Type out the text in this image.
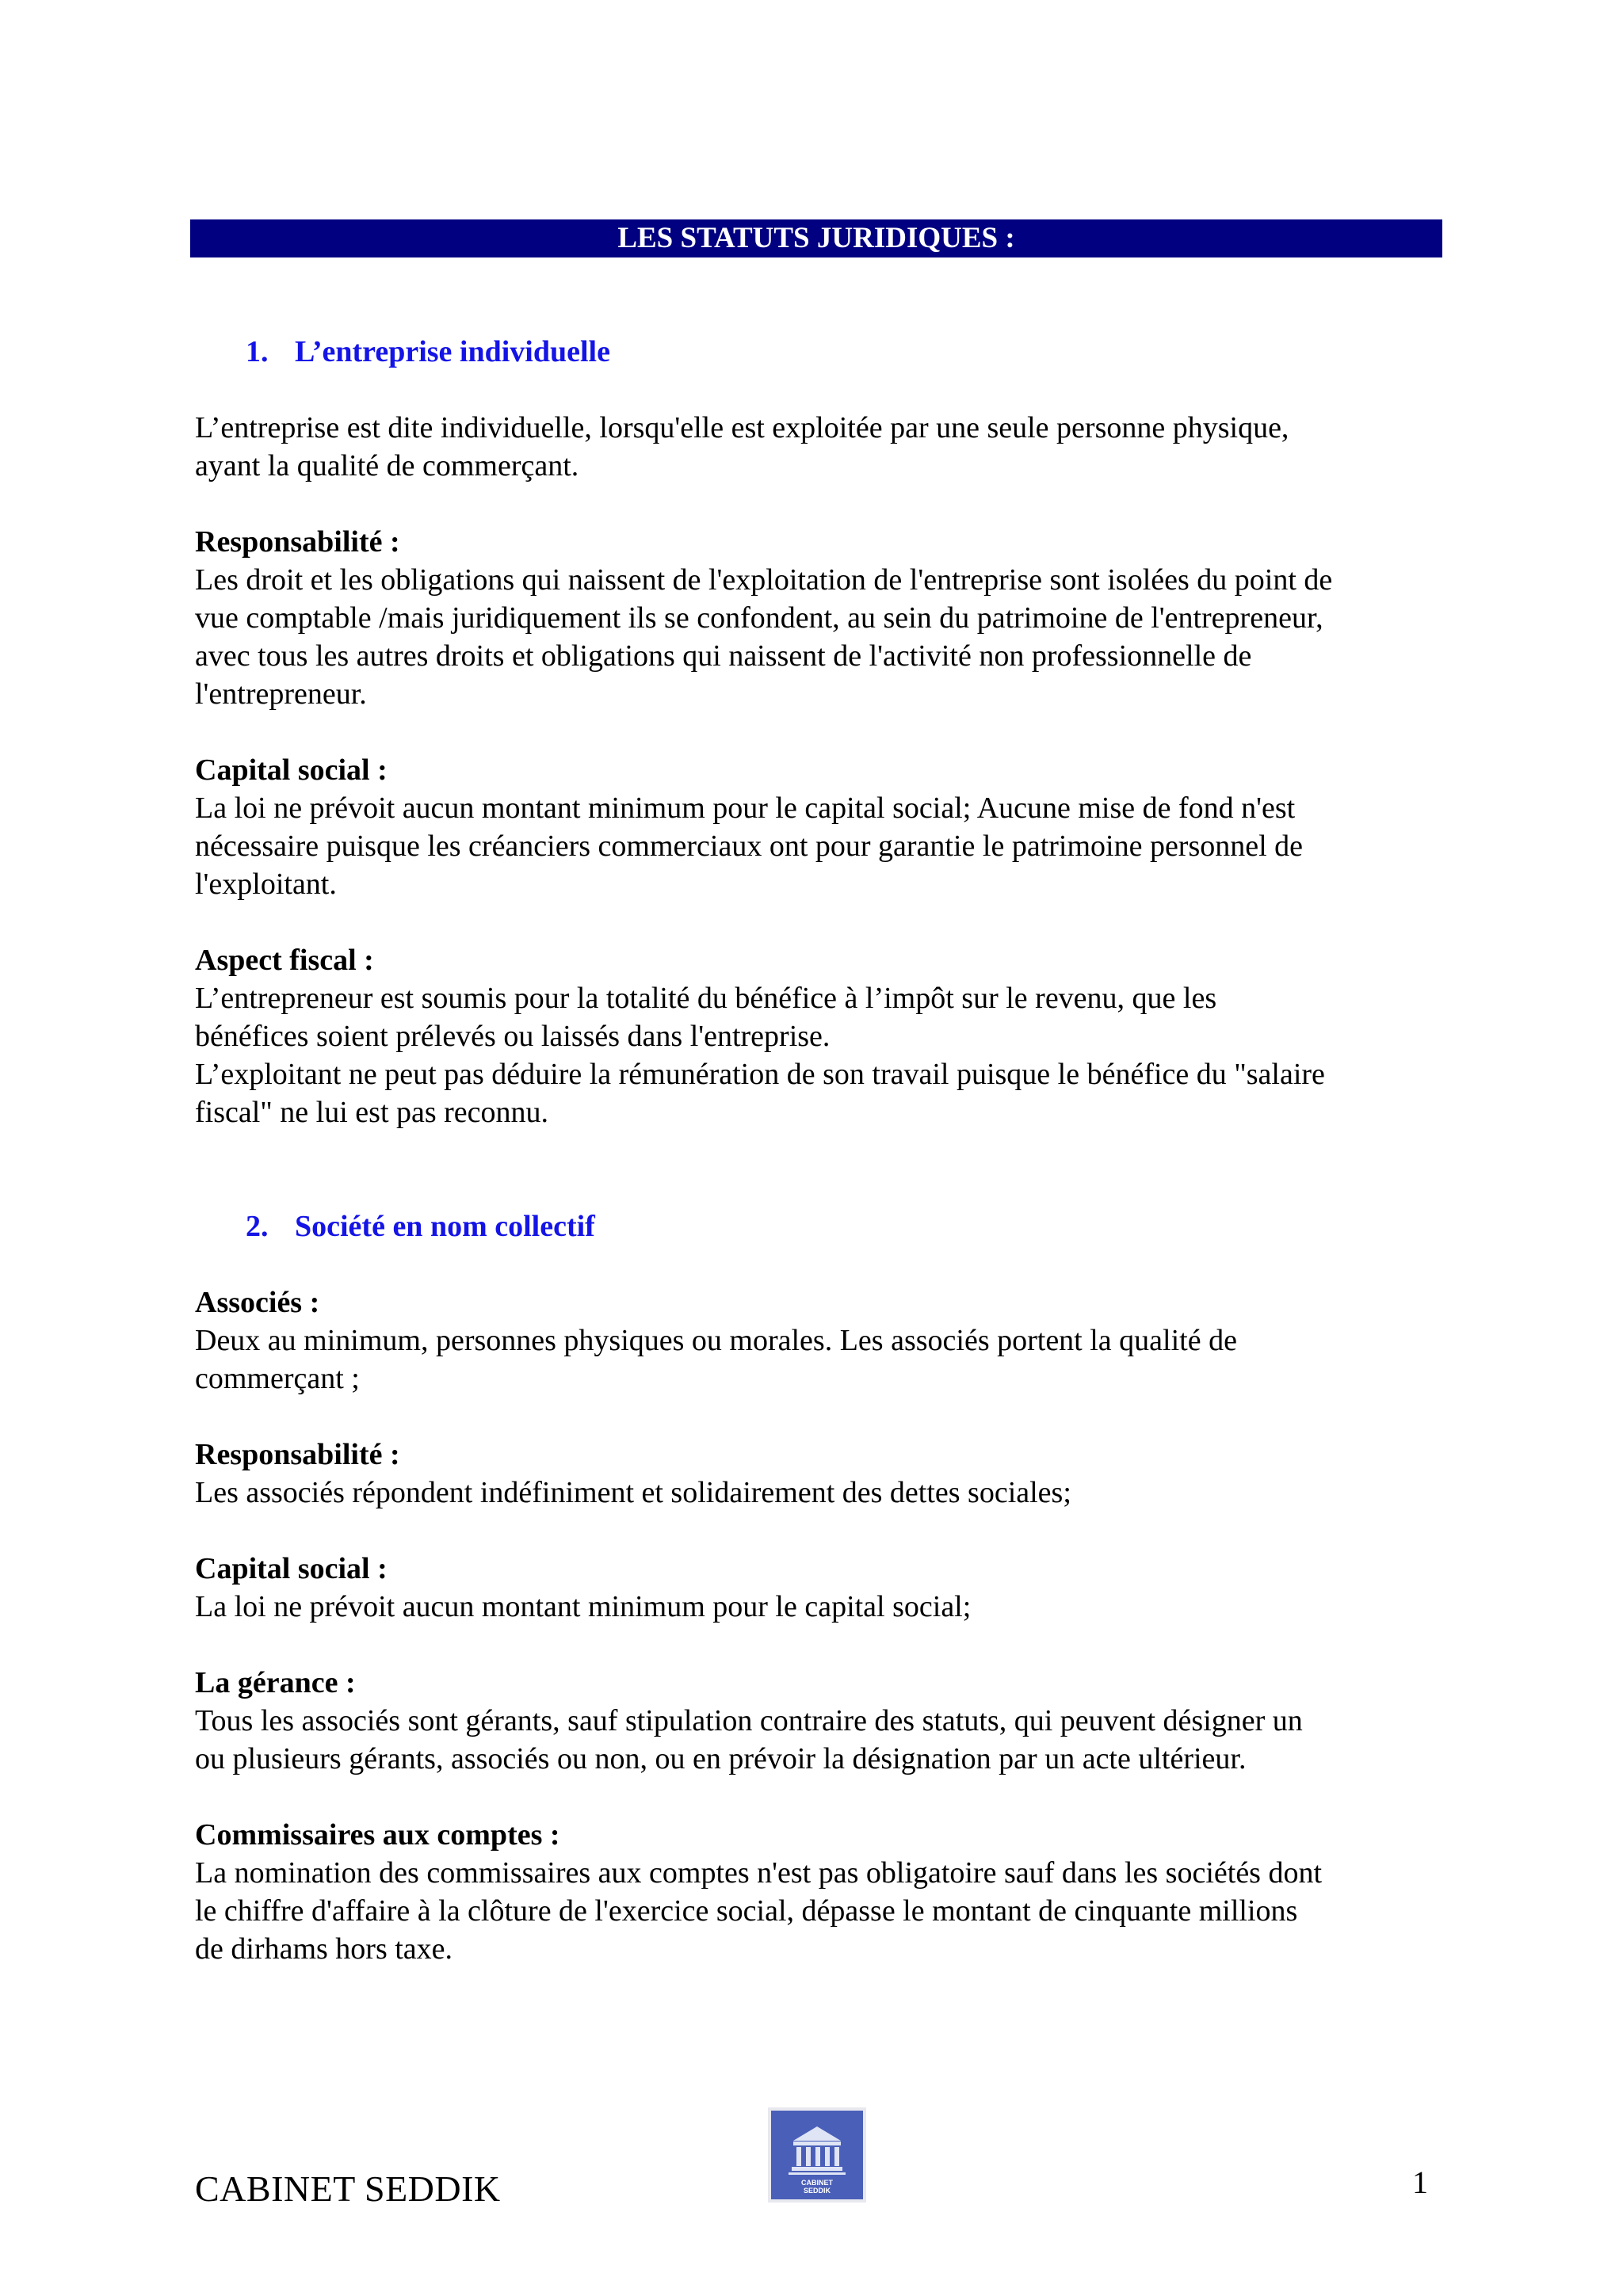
LES STATUTS JURIDIQUES :
1. L’entreprise individuelle
L’entreprise est dite individuelle, lorsqu'elle est exploitée par une seule personne physique,
ayant la qualité de commerçant.
Responsabilité :
Les droit et les obligations qui naissent de l'exploitation de l'entreprise sont isolées du point de
vue comptable /mais juridiquement ils se confondent, au sein du patrimoine de l'entrepreneur,
avec tous les autres droits et obligations qui naissent de l'activité non professionnelle de
l'entrepreneur.
Capital social :
La loi ne prévoit aucun montant minimum pour le capital social; Aucune mise de fond n'est
nécessaire puisque les créanciers commerciaux ont pour garantie le patrimoine personnel de
l'exploitant.
Aspect fiscal :
L’entrepreneur est soumis pour la totalité du bénéfice à l’impôt sur le revenu, que les
bénéfices soient prélevés ou laissés dans l'entreprise.
L’exploitant ne peut pas déduire la rémunération de son travail puisque le bénéfice du "salaire
fiscal" ne lui est pas reconnu.
2. Société en nom collectif
Associés :
Deux au minimum, personnes physiques ou morales. Les associés portent la qualité de
commerçant ;
Responsabilité :
Les associés répondent indéfiniment et solidairement des dettes sociales;
Capital social :
La loi ne prévoit aucun montant minimum pour le capital social;
La gérance :
Tous les associés sont gérants, sauf stipulation contraire des statuts, qui peuvent désigner un
ou plusieurs gérants, associés ou non, ou en prévoir la désignation par un acte ultérieur.
Commissaires aux comptes :
La nomination des commissaires aux comptes n'est pas obligatoire sauf dans les sociétés dont
le chiffre d'affaire à la clôture de l'exercice social, dépasse le montant de cinquante millions
de dirhams hors taxe.
CABINET SEDDIK	CABINET
SEDDIK	1
